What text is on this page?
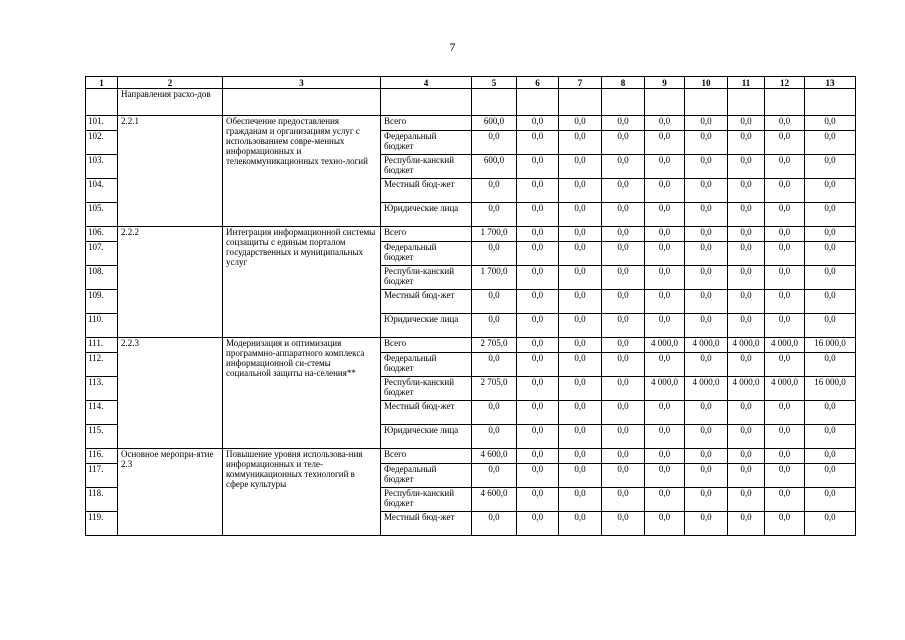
7
1	2	3	4	5	6	7	8	9	10	11	12	13
	Направления расхо-дов											
101.	2.2.1	Обеспечение предоставления гражданам и организациям услуг с использованием совре-менных информационных и телекоммуникационных техно-логий	Всего	600,0	0,0	0,0	0,0	0,0	0,0	0,0	0,0	0,0
102.			Федеральный бюджет	0,0	0,0	0,0	0,0	0,0	0,0	0,0	0,0	0,0
103.			Республи-канский бюджет	600,0	0,0	0,0	0,0	0,0	0,0	0,0	0,0	0,0
104.			Местный бюд-жет	0,0	0,0	0,0	0,0	0,0	0,0	0,0	0,0	0,0
105.			Юридические лица	0,0	0,0	0,0	0,0	0,0	0,0	0,0	0,0	0,0
106.	2.2.2	Интеграция информационной системы соцзащиты с единым порталом государственных и муниципальных услуг	Всего	1 700,0	0,0	0,0	0,0	0,0	0,0	0,0	0,0	0,0
107.			Федеральный бюджет	0,0	0,0	0,0	0,0	0,0	0,0	0,0	0,0	0,0
108.			Республи-канский бюджет	1 700,0	0,0	0,0	0,0	0,0	0,0	0,0	0,0	0,0
109.			Местный бюд-жет	0,0	0,0	0,0	0,0	0,0	0,0	0,0	0,0	0,0
110.			Юридические лица	0,0	0,0	0,0	0,0	0,0	0,0	0,0	0,0	0,0
111.	2.2.3	Модернизация и оптимизация программно-аппаратного комплекса информационной си-стемы социальной защиты на-селения**	Всего	2 705,0	0,0	0,0	0,0	4 000,0	4 000,0	4 000,0	4 000,0	16 000,0
112.			Федеральный бюджет	0,0	0,0	0,0	0,0	0,0	0,0	0,0	0,0	0,0
113.			Республи-канский бюджет	2 705,0	0,0	0,0	0,0	4 000,0	4 000,0	4 000,0	4 000,0	16 000,0
114.			Местный бюд-жет	0,0	0,0	0,0	0,0	0,0	0,0	0,0	0,0	0,0
115.			Юридические лица	0,0	0,0	0,0	0,0	0,0	0,0	0,0	0,0	0,0
116.	Основное меропри-ятие 2.3	Повышение уровня использова-ния информационных и теле-коммуникационных технологий в сфере культуры	Всего	4 600,0	0,0	0,0	0,0	0,0	0,0	0,0	0,0	0,0
117.			Федеральный бюджет	0,0	0,0	0,0	0,0	0,0	0,0	0,0	0,0	0,0
118.			Республи-канский бюджет	4 600,0	0,0	0,0	0,0	0,0	0,0	0,0	0,0	0,0
119.			Местный бюд-жет	0,0	0,0	0,0	0,0	0,0	0,0	0,0	0,0	0,0
